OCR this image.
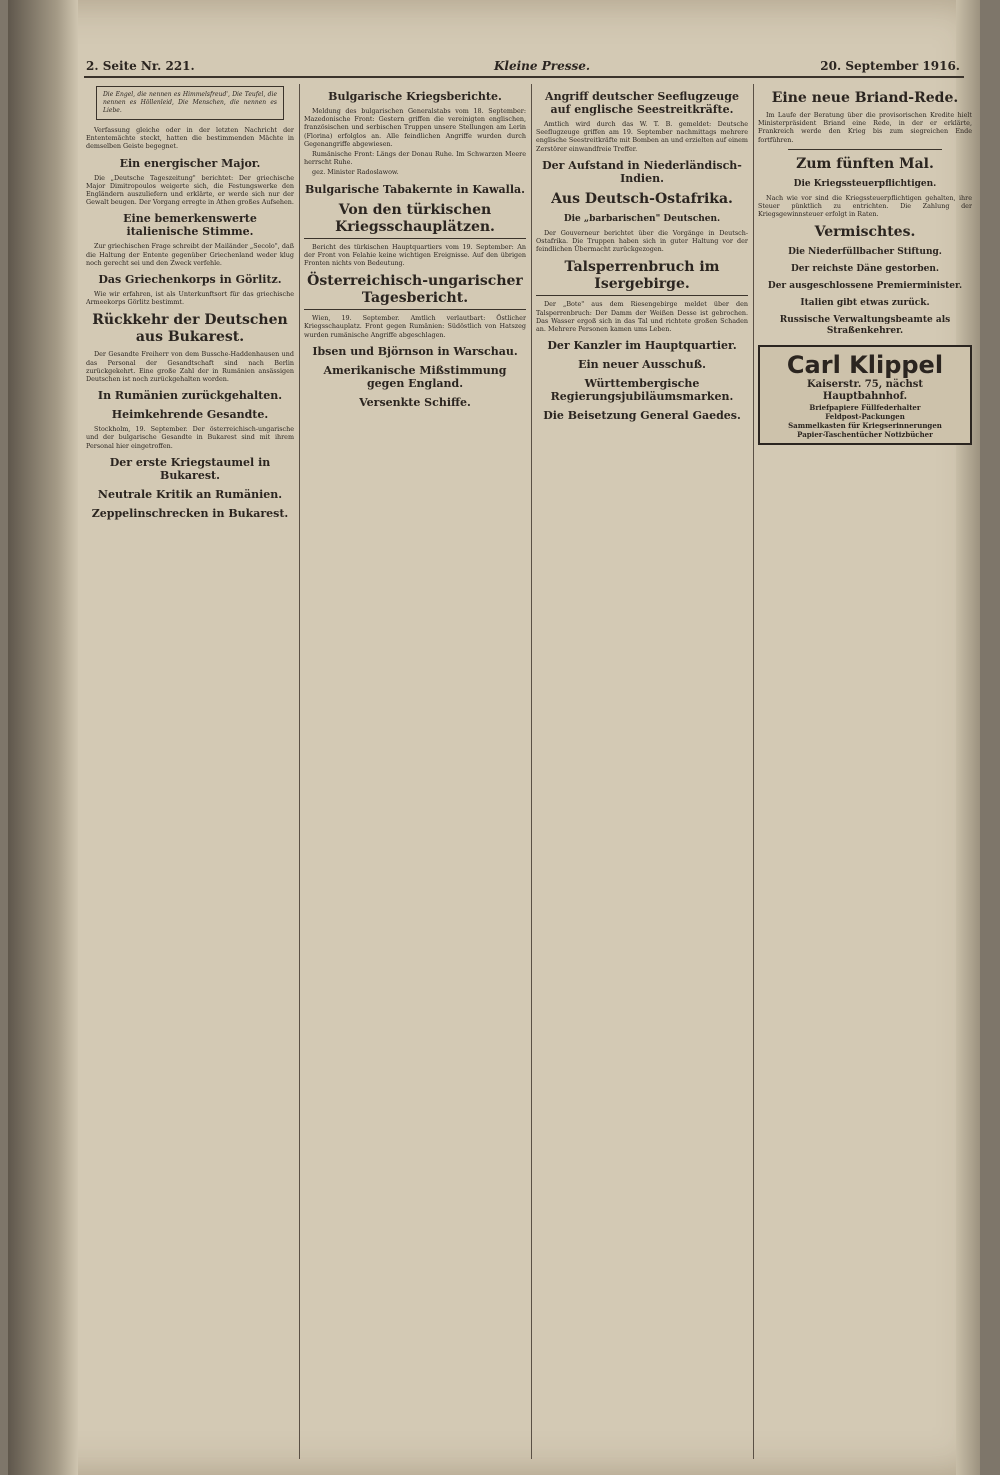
2. Seite Nr. 221.	Kleine Presse.	20. September 1916.
Die Engel, die nennen es Himmelsfreud', Die Teufel, die nennen es Höllenleid, Die Menschen, die nennen es Liebe.

Verfassung gleiche oder in der letzten Nachricht der Ententemächte steckt, hatten die bestimmenden Mächte in demselben Geiste begegnet.

Ein energischer Major.

Die „Deutsche Tageszeitung" berichtet: Der griechische Major Dimitropoulos weigerte sich, die Festungswerke den Engländern auszuliefern und erklärte, er werde sich nur der Gewalt beugen. Der Vorgang erregte in Athen großes Aufsehen.

Eine bemerkenswerte italienische Stimme.

Zur griechischen Frage schreibt der Mailänder „Secolo", daß die Haltung der Entente gegenüber Griechenland weder klug noch gerecht sei und den Zweck verfehle.

Das Griechenkorps in Görlitz.

Wie wir erfahren, ist als Unterkunftsort für das griechische Armeekorps Görlitz bestimmt.

Rückkehr der Deutschen aus Bukarest.

Der Gesandte Freiherr von dem Bussche-Haddenhausen und das Personal der Gesandtschaft sind nach Berlin zurückgekehrt. Eine große Zahl der in Rumänien ansässigen Deutschen ist noch zurückgehalten worden.

In Rumänien zurückgehalten.
Heimkehrende Gesandte.

Stockholm, 19. September. Der österreichisch-ungarische und der bulgarische Gesandte in Bukarest sind mit ihrem Personal hier eingetroffen.

Der erste Kriegstaumel in Bukarest.
Neutrale Kritik an Rumänien.
Zeppelinschrecken in Bukarest.
Bulgarische Kriegsberichte.

Meldung des bulgarischen Generalstabs vom 18. September: Mazedonische Front: Gestern griffen die vereinigten englischen, französischen und serbischen Truppen unsere Stellungen am Lerin (Florina) erfolglos an. Alle feindlichen Angriffe wurden durch Gegenangriffe abgewiesen.

Rumänische Front: Längs der Donau Ruhe. Im Schwarzen Meere herrscht Ruhe.

gez. Minister Radoslawow.

Bulgarische Tabakernte in Kawalla.
Von den türkischen Kriegsschauplätzen.

Bericht des türkischen Hauptquartiers vom 19. September: An der Front von Felahie keine wichtigen Ereignisse. Auf den übrigen Fronten nichts von Bedeutung.

Österreichisch-ungarischer Tagesbericht.

Wien, 19. September. Amtlich verlautbart: Östlicher Kriegsschauplatz. Front gegen Rumänien: Südöstlich von Hatszeg wurden rumänische Angriffe abgeschlagen.

Ibsen und Björnson in Warschau.
Amerikanische Mißstimmung gegen England.
Versenkte Schiffe.
Angriff deutscher Seeflugzeuge auf englische Seestreitkräfte.

Amtlich wird durch das W. T. B. gemeldet: Deutsche Seeflugzeuge griffen am 19. September nachmittags mehrere englische Seestreitkräfte mit Bomben an und erzielten auf einem Zerstörer einwandfreie Treffer.

Der Aufstand in Niederländisch-Indien.
Aus Deutsch-Ostafrika.
Die „barbarischen" Deutschen.

Der Gouverneur berichtet über die Vorgänge in Deutsch-Ostafrika. Die Truppen haben sich in guter Haltung vor der feindlichen Übermacht zurückgezogen.

Talsperrenbruch im Isergebirge.

Der „Bote" aus dem Riesengebirge meldet über den Talsperrenbruch: Der Damm der Weißen Desse ist gebrochen. Das Wasser ergoß sich in das Tal und richtete großen Schaden an. Mehrere Personen kamen ums Leben.

Der Kanzler im Hauptquartier.
Ein neuer Ausschuß.
Württembergische Regierungsjubiläumsmarken.
Die Beisetzung General Gaedes.
Eine neue Briand-Rede.

Im Laufe der Beratung über die provisorischen Kredite hielt Ministerpräsident Briand eine Rede, in der er erklärte, Frankreich werde den Krieg bis zum siegreichen Ende fortführen.

Zum fünften Mal.
Die Kriegssteuerpflichtigen.

Nach wie vor sind die Kriegssteuerpflichtigen gehalten, ihre Steuer pünktlich zu entrichten. Die Zahlung der Kriegsgewinnsteuer erfolgt in Raten.

Vermischtes.
Die Niederfüllbacher Stiftung.
Der reichste Däne gestorben.
Der ausgeschlossene Premierminister.
Italien gibt etwas zurück.
Russische Verwaltungsbeamte als Straßenkehrer.
Carl Klippel
Kaiserstr. 75, nächst Hauptbahnhof.
Briefpapiere Füllfederhalter
Feldpost-Packungen
Sammelkasten für Kriegserinnerungen
Papier-Taschentücher Notizbücher
